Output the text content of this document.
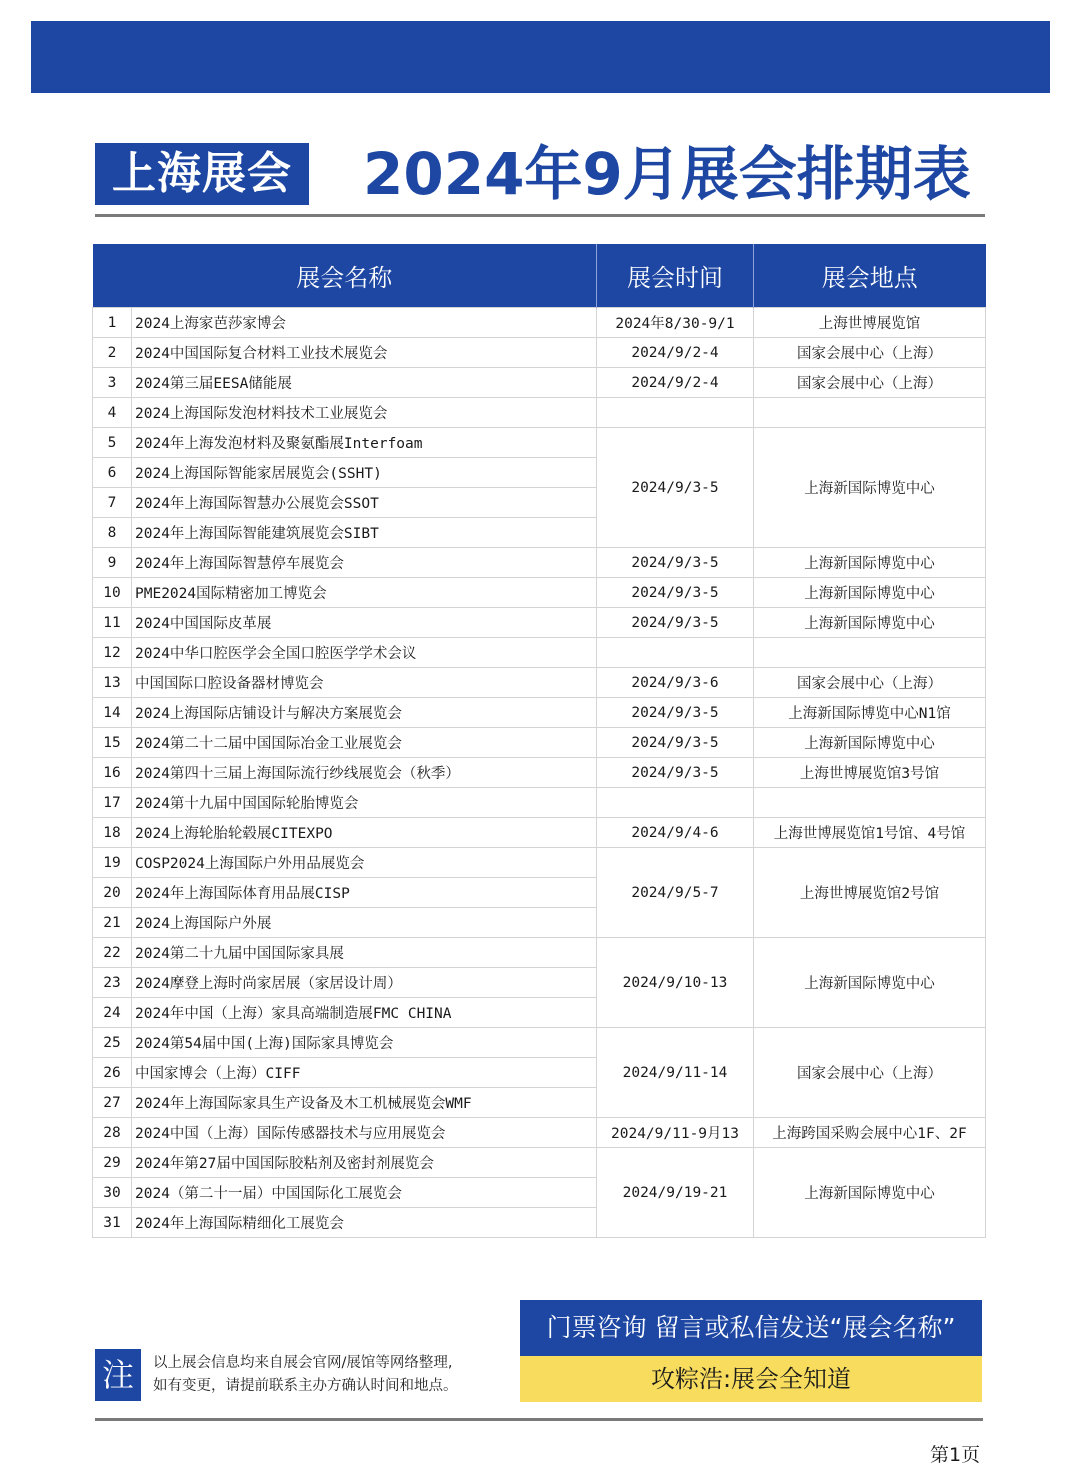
上海展会 2024年9月展会排期表
展会名称		展会时间	展会地点
1	2024上海家芭莎家博会	2024年8/30-9/1	上海世博展览馆
2	2024中国国际复合材料工业技术展览会	2024/9/2-4	国家会展中心（上海）
3	2024第三届EESA储能展	2024/9/2-4	国家会展中心（上海）
4	2024上海国际发泡材料技术工业展览会		
5	2024年上海发泡材料及聚氨酯展Interfoam	2024/9/3-5	上海新国际博览中心
6	2024上海国际智能家居展览会(SSHT)		
7	2024年上海国际智慧办公展览会SSOT		
8	2024年上海国际智能建筑展览会SIBT		
9	2024年上海国际智慧停车展览会	2024/9/3-5	上海新国际博览中心
10	PME2024国际精密加工博览会	2024/9/3-5	上海新国际博览中心
11	2024中国国际皮革展	2024/9/3-5	上海新国际博览中心
12	2024中华口腔医学会全国口腔医学学术会议		
13	中国国际口腔设备器材博览会	2024/9/3-6	国家会展中心（上海）
14	2024上海国际店铺设计与解决方案展览会	2024/9/3-5	上海新国际博览中心N1馆
15	2024第二十二届中国国际冶金工业展览会	2024/9/3-5	上海新国际博览中心
16	2024第四十三届上海国际流行纱线展览会（秋季）	2024/9/3-5	上海世博展览馆3号馆
17	2024第十九届中国国际轮胎博览会		
18	2024上海轮胎轮毂展CITEXPO	2024/9/4-6	上海世博展览馆1号馆、4号馆
19	COSP2024上海国际户外用品展览会	2024/9/5-7	上海世博展览馆2号馆
20	2024年上海国际体育用品展CISP		
21	2024上海国际户外展		
22	2024第二十九届中国国际家具展	2024/9/10-13	上海新国际博览中心
23	2024摩登上海时尚家居展（家居设计周）		
24	2024年中国（上海）家具高端制造展FMC CHINA		
25	2024第54届中国(上海)国际家具博览会	2024/9/11-14	国家会展中心（上海）
26	中国家博会（上海）CIFF		
27	2024年上海国际家具生产设备及木工机械展览会WMF		
28	2024中国（上海）国际传感器技术与应用展览会	2024/9/11-9月13	上海跨国采购会展中心1F、2F
29	2024年第27届中国国际胶粘剂及密封剂展览会	2024/9/19-21	上海新国际博览中心
30	2024（第二十一届）中国国际化工展览会		
31	2024年上海国际精细化工展览会		
注	以上展会信息均来自展会官网/展馆等网络整理,
如有变更，请提前联系主办方确认时间和地点。
门票咨询 留言或私信发送“展会名称”
攻粽浩:展会全知道
第1页
